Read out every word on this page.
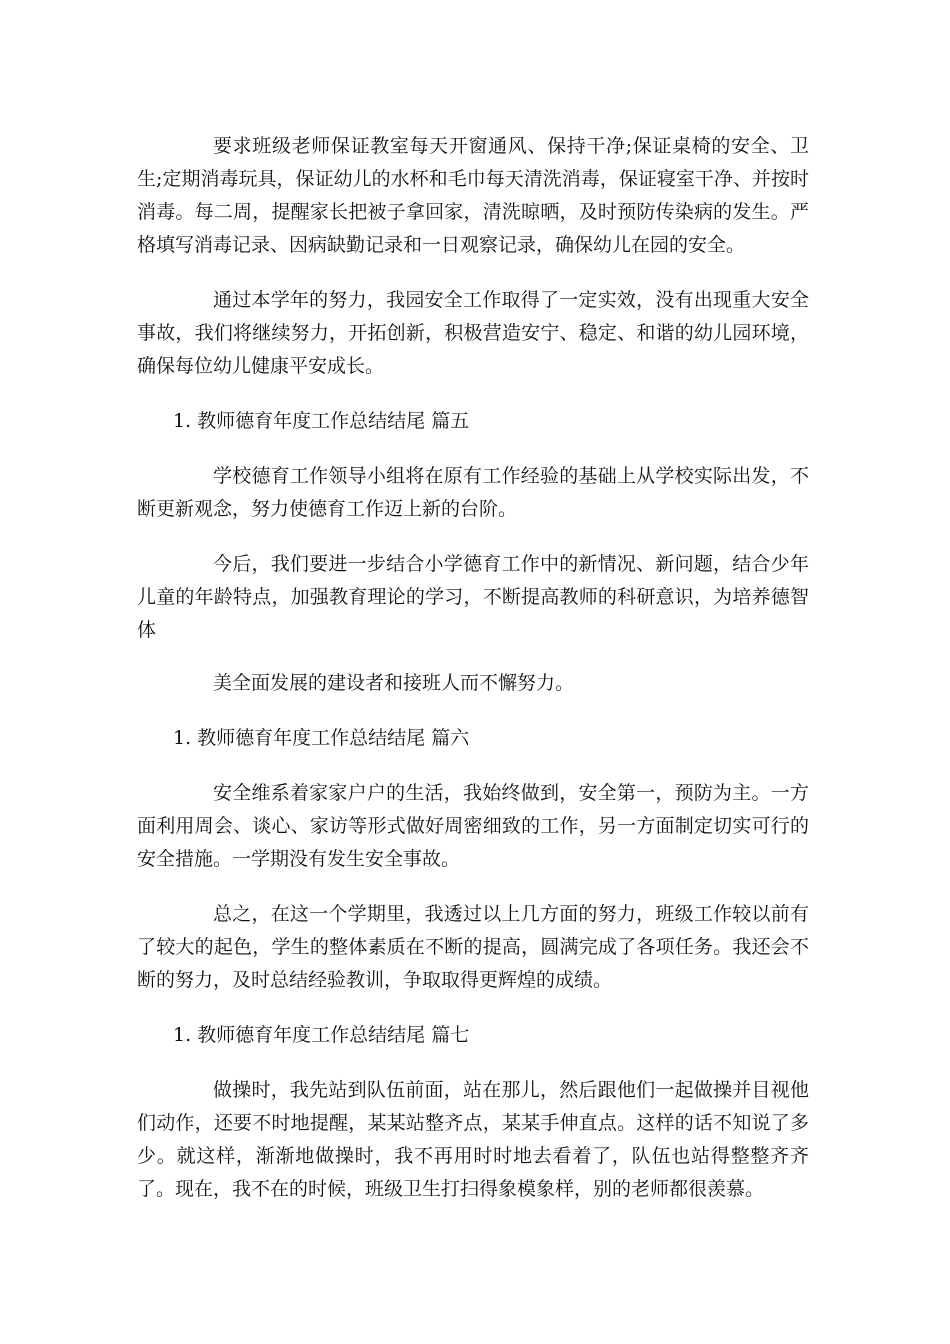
要求班级老师保证教室每天开窗通风、保持干净;保证桌椅的安全、卫生;定期消毒玩具，保证幼儿的水杯和毛巾每天清洗消毒，保证寝室干净、并按时消毒。每二周，提醒家长把被子拿回家，清洗晾晒，及时预防传染病的发生。严格填写消毒记录、因病缺勤记录和一日观察记录，确保幼儿在园的安全。

通过本学年的努力，我园安全工作取得了一定实效，没有出现重大安全事故，我们将继续努力，开拓创新，积极营造安宁、稳定、和谐的幼儿园环境，确保每位幼儿健康平安成长。

1. 教师德育年度工作总结结尾 篇五

学校德育工作领导小组将在原有工作经验的基础上从学校实际出发，不断更新观念，努力使德育工作迈上新的台阶。

今后，我们要进一步结合小学德育工作中的新情况、新问题，结合少年儿童的年龄特点，加强教育理论的学习，不断提高教师的科研意识，为培养德智体

美全面发展的建设者和接班人而不懈努力。

1. 教师德育年度工作总结结尾 篇六

安全维系着家家户户的生活，我始终做到，安全第一，预防为主。一方面利用周会、谈心、家访等形式做好周密细致的工作，另一方面制定切实可行的安全措施。一学期没有发生安全事故。

总之，在这一个学期里，我透过以上几方面的努力，班级工作较以前有了较大的起色，学生的整体素质在不断的提高，圆满完成了各项任务。我还会不断的努力，及时总结经验教训，争取取得更辉煌的成绩。

1. 教师德育年度工作总结结尾 篇七

做操时，我先站到队伍前面，站在那儿，然后跟他们一起做操并目视他们动作，还要不时地提醒，某某站整齐点，某某手伸直点。这样的话不知说了多少。就这样，渐渐地做操时，我不再用时时地去看着了，队伍也站得整整齐齐了。现在，我不在的时候，班级卫生打扫得象模象样，别的老师都很羡慕。
